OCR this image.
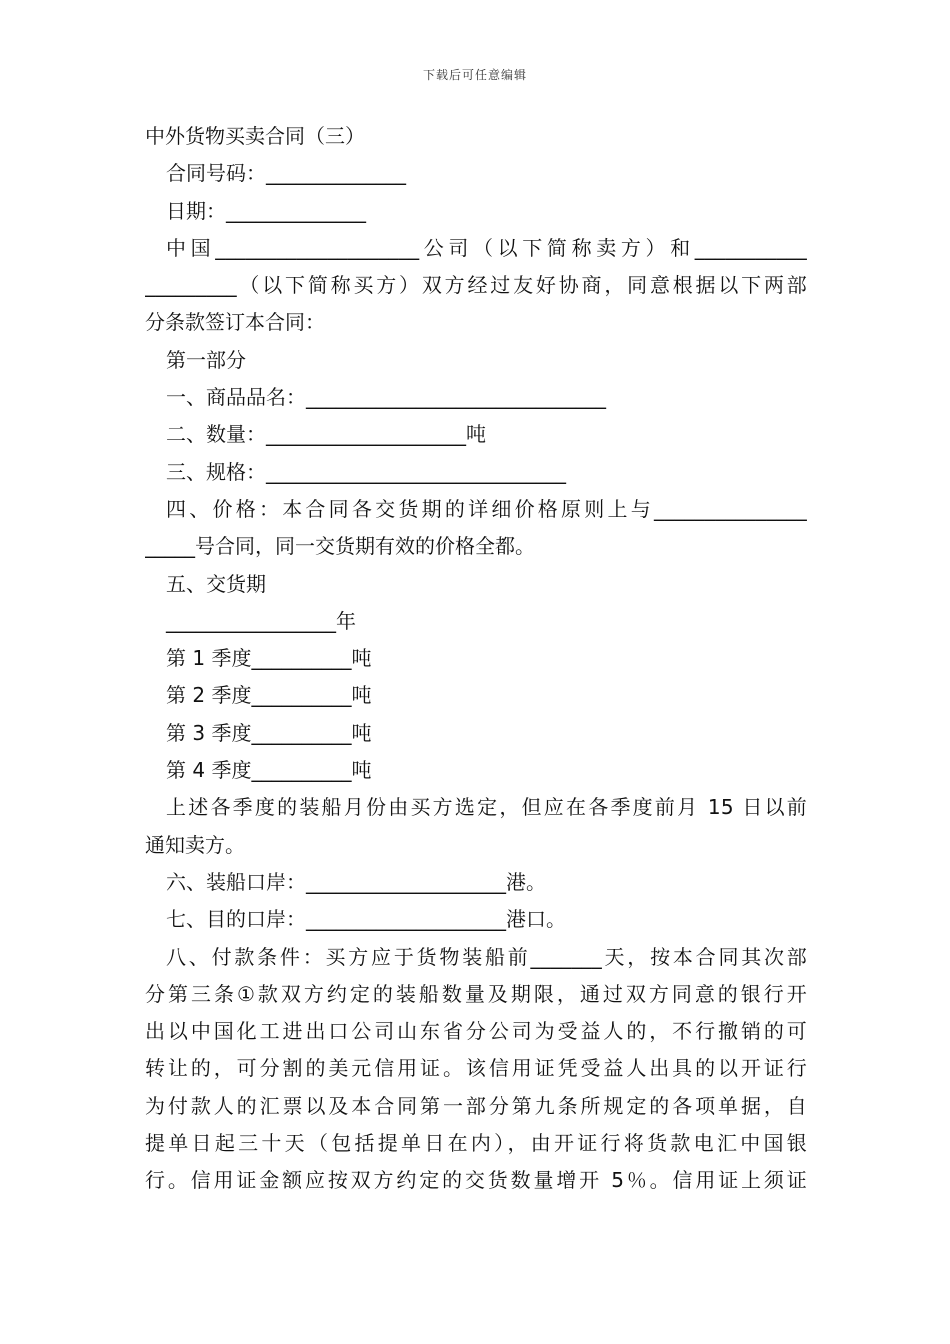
下载后可任意编辑
中外货物买卖合同（三）
合同号码：______________
日期：______________
中国____________________公司（以下简称卖方）和___________
_________（以下简称买方）双方经过友好协商，同意根据以下两部
分条款签订本合同：
第一部分
一、商品品名：______________________________
二、数量：____________________吨
三、规格：______________________________
四、价格：本合同各交货期的详细价格原则上与_______________
_____号合同，同一交货期有效的价格全都。
五、交货期
_________________年
第 1 季度__________吨
第 2 季度__________吨
第 3 季度__________吨
第 4 季度__________吨
上述各季度的装船月份由买方选定，但应在各季度前月 15 日以前
通知卖方。
六、装船口岸：____________________港。
七、目的口岸：____________________港口。
八、付款条件：买方应于货物装船前_______天，按本合同其次部
分第三条①款双方约定的装船数量及期限，通过双方同意的银行开
出以中国化工进出口公司山东省分公司为受益人的，不行撤销的可
转让的，可分割的美元信用证。该信用证凭受益人出具的以开证行
为付款人的汇票以及本合同第一部分第九条所规定的各项单据，自
提单日起三十天（包括提单日在内），由开证行将货款电汇中国银
行。信用证金额应按双方约定的交货数量增开 5％。信用证上须证
